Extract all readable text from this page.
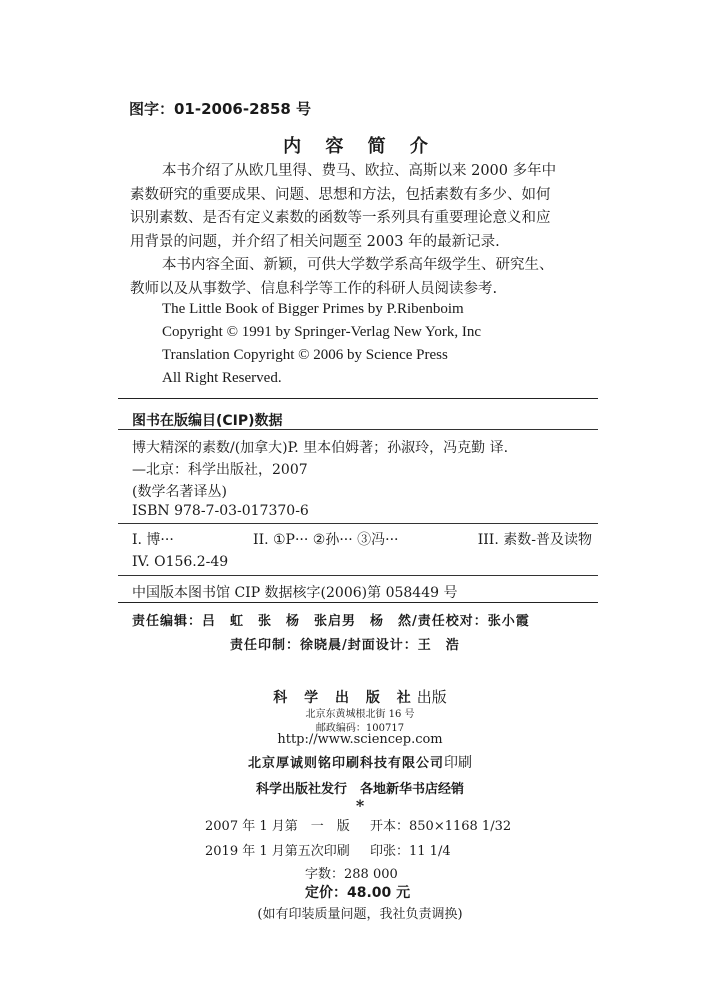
图字：01-2006-2858 号
内 容 简 介
本书介绍了从欧几里得、费马、欧拉、高斯以来 2000 多年中
素数研究的重要成果、问题、思想和方法，包括素数有多少、如何
识别素数、是否有定义素数的函数等一系列具有重要理论意义和应
用背景的问题，并介绍了相关问题至 2003 年的最新记录.
本书内容全面、新颖，可供大学数学系高年级学生、研究生、
教师以及从事数学、信息科学等工作的科研人员阅读参考.
The Little Book of Bigger Primes by P.Ribenboim
Copyright © 1991 by Springer-Verlag New York, Inc
Translation Copyright © 2006 by Science Press
All Right Reserved.
图书在版编目(CIP)数据
博大精深的素数/(加拿大)P. 里本伯姆著；孙淑玲，冯克勤 译.
—北京：科学出版社，2007
(数学名著译丛)
ISBN 978-7-03-017370-6
I. 博···	II. ①P··· ②孙··· ③冯···	III. 素数-普及读物
IV. O156.2-49
中国版本图书馆 CIP 数据核字(2006)第 058449 号
责任编辑：吕　虹　张　杨　张启男　杨　然/责任校对：张小霞
责任印制：徐晓晨/封面设计：王　浩
科 学 出 版 社出版
北京东黄城根北街 16 号
邮政编码：100717
http://www.sciencep.com
北京厚诚则铭印刷科技有限公司印刷
科学出版社发行　各地新华书店经销
*
2007 年 1 月第　一　版 开本：850×1168 1/32
2019 年 1 月第五次印刷 印张：11 1/4
字数：288 000
定价：48.00 元
(如有印装质量问题，我社负责调换)
